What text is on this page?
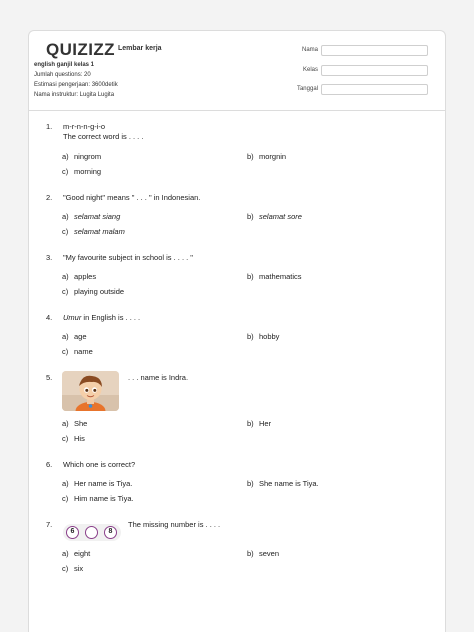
QUIZIZZ Lembar kerja
english ganjil kelas 1
Jumlah questions: 20
Estimasi pengerjaan: 3600detik
Nama instruktur: Lugita Lugita
Nama
Kelas
Tanggal
1. m-r-n-n-g-i-o
The correct word is . . . .
a) ningrom	b) morgnin
c) morning
2. "Good night" means " . . . " in Indonesian.
a) selamat siang	b) selamat sore
c) selamat malam
3. "My favourite subject in school is . . . . "
a) apples	b) mathematics
c) playing outside
4. Umur in English is . . . .
a) age	b) hobby
c) name
5.	. . . name is Indra.
a) She	b) Her
c) His
6. Which one is correct?
a) Her name is Tiya.	b) She name is Tiya.
c) Him name is Tiya.
7.
6	8
The missing number is . . . .
a) eight	b) seven
c) six
